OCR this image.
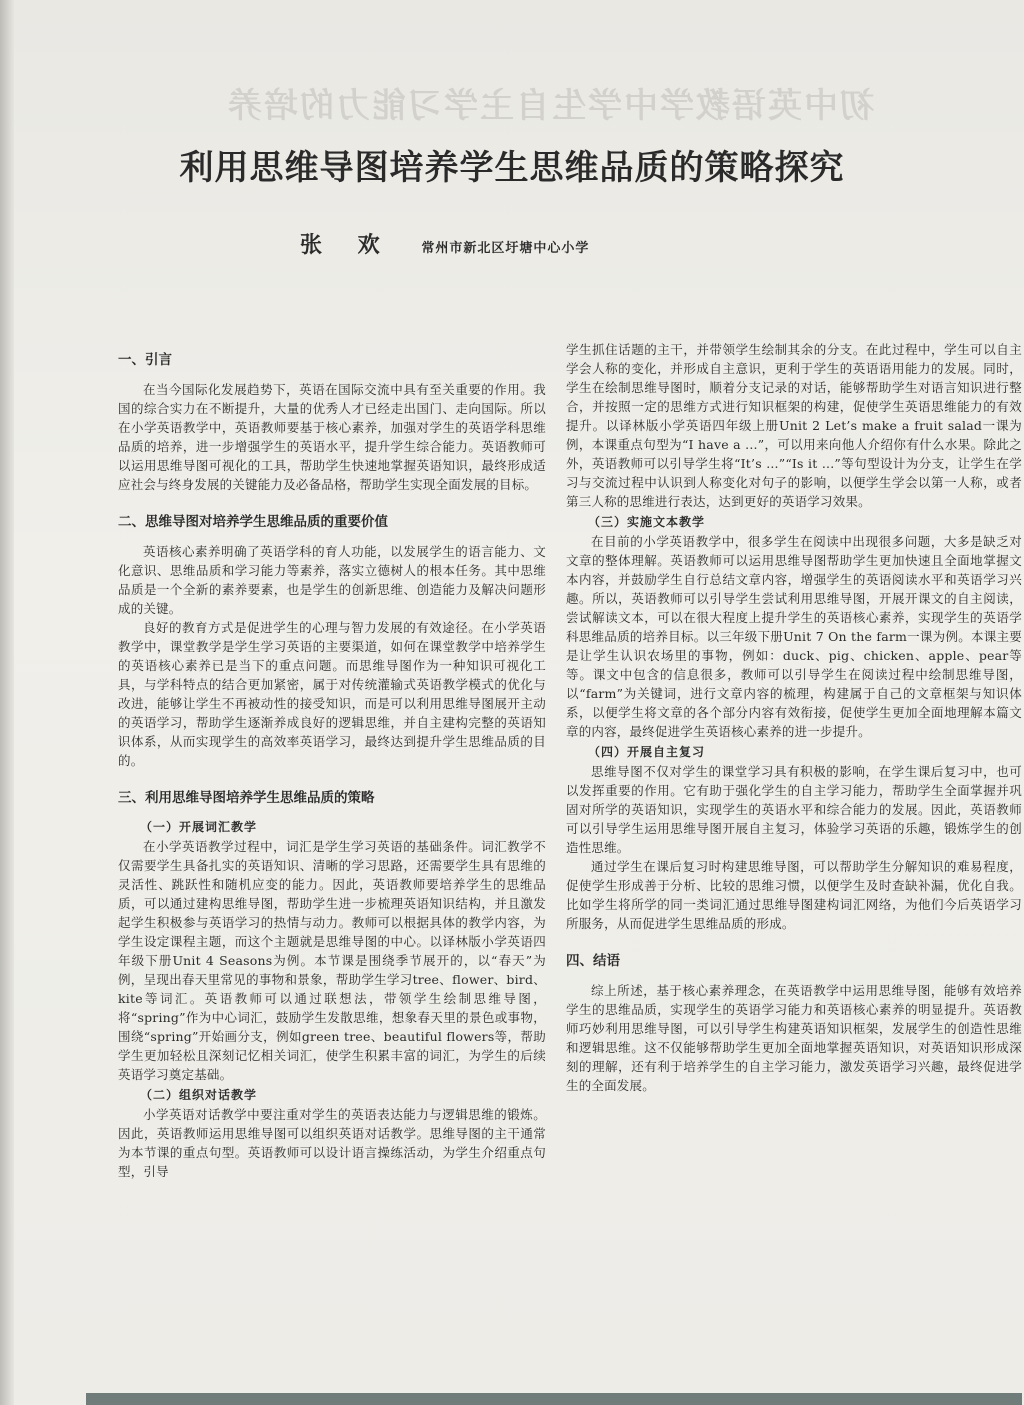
初中英语教学中学生自主学习能力的培养
利用思维导图培养学生思维品质的策略探究
张 欢 常州市新北区圩塘中心小学
一、引言

在当今国际化发展趋势下，英语在国际交流中具有至关重要的作用。我国的综合实力在不断提升，大量的优秀人才已经走出国门、走向国际。所以在小学英语教学中，英语教师要基于核心素养，加强对学生的英语学科思维品质的培养，进一步增强学生的英语水平，提升学生综合能力。英语教师可以运用思维导图可视化的工具，帮助学生快速地掌握英语知识，最终形成适应社会与终身发展的关键能力及必备品格，帮助学生实现全面发展的目标。

二、思维导图对培养学生思维品质的重要价值

英语核心素养明确了英语学科的育人功能，以发展学生的语言能力、文化意识、思维品质和学习能力等素养，落实立德树人的根本任务。其中思维品质是一个全新的素养要素，也是学生的创新思维、创造能力及解决问题形成的关键。

良好的教育方式是促进学生的心理与智力发展的有效途径。在小学英语教学中，课堂教学是学生学习英语的主要渠道，如何在课堂教学中培养学生的英语核心素养已是当下的重点问题。而思维导图作为一种知识可视化工具，与学科特点的结合更加紧密，属于对传统灌输式英语教学模式的优化与改进，能够让学生不再被动性的接受知识，而是可以利用思维导图展开主动的英语学习，帮助学生逐渐养成良好的逻辑思维，并自主建构完整的英语知识体系，从而实现学生的高效率英语学习，最终达到提升学生思维品质的目的。

三、利用思维导图培养学生思维品质的策略
（一）开展词汇教学

在小学英语教学过程中，词汇是学生学习英语的基础条件。词汇教学不仅需要学生具备扎实的英语知识、清晰的学习思路，还需要学生具有思维的灵活性、跳跃性和随机应变的能力。因此，英语教师要培养学生的思维品质，可以通过建构思维导图，帮助学生进一步梳理英语知识结构，并且激发起学生积极参与英语学习的热情与动力。教师可以根据具体的教学内容，为学生设定课程主题，而这个主题就是思维导图的中心。以译林版小学英语四年级下册Unit 4 Seasons为例。本节课是围绕季节展开的，以“春天”为例，呈现出春天里常见的事物和景象，帮助学生学习tree、flower、bird、kite等词汇。英语教师可以通过联想法，带领学生绘制思维导图，将“spring”作为中心词汇，鼓励学生发散思维，想象春天里的景色或事物，围绕“spring”开始画分支，例如green tree、beautiful flowers等，帮助学生更加轻松且深刻记忆相关词汇，使学生积累丰富的词汇，为学生的后续英语学习奠定基础。

（二）组织对话教学

小学英语对话教学中要注重对学生的英语表达能力与逻辑思维的锻炼。因此，英语教师运用思维导图可以组织英语对话教学。思维导图的主干通常为本节课的重点句型。英语教师可以设计语言操练活动，为学生介绍重点句型，引导

学生抓住话题的主干，并带领学生绘制其余的分支。在此过程中，学生可以自主学会人称的变化，并形成自主意识，更利于学生的英语语用能力的发展。同时，学生在绘制思维导图时，顺着分支记录的对话，能够帮助学生对语言知识进行整合，并按照一定的思维方式进行知识框架的构建，促使学生英语思维能力的有效提升。以译林版小学英语四年级上册Unit 2 Let’s make a fruit salad一课为例，本课重点句型为“I have a ...”，可以用来向他人介绍你有什么水果。除此之外，英语教师可以引导学生将“It’s ...”“Is it ...”等句型设计为分支，让学生在学习与交流过程中认识到人称变化对句子的影响，以便学生学会以第一人称，或者第三人称的思维进行表达，达到更好的英语学习效果。

（三）实施文本教学

在目前的小学英语教学中，很多学生在阅读中出现很多问题，大多是缺乏对文章的整体理解。英语教师可以运用思维导图帮助学生更加快速且全面地掌握文本内容，并鼓励学生自行总结文章内容，增强学生的英语阅读水平和英语学习兴趣。所以，英语教师可以引导学生尝试利用思维导图，开展开课文的自主阅读，尝试解读文本，可以在很大程度上提升学生的英语核心素养，实现学生的英语学科思维品质的培养目标。以三年级下册Unit 7 On the farm一课为例。本课主要是让学生认识农场里的事物，例如：duck、pig、chicken、apple、pear等等。课文中包含的信息很多，教师可以引导学生在阅读过程中绘制思维导图，以“farm”为关键词，进行文章内容的梳理，构建属于自己的文章框架与知识体系，以便学生将文章的各个部分内容有效衔接，促使学生更加全面地理解本篇文章的内容，最终促进学生英语核心素养的进一步提升。

（四）开展自主复习

思维导图不仅对学生的课堂学习具有积极的影响，在学生课后复习中，也可以发挥重要的作用。它有助于强化学生的自主学习能力，帮助学生全面掌握并巩固对所学的英语知识，实现学生的英语水平和综合能力的发展。因此，英语教师可以引导学生运用思维导图开展自主复习，体验学习英语的乐趣，锻炼学生的创造性思维。

通过学生在课后复习时构建思维导图，可以帮助学生分解知识的难易程度，促使学生形成善于分析、比较的思维习惯，以便学生及时查缺补漏，优化自我。比如学生将所学的同一类词汇通过思维导图建构词汇网络，为他们今后英语学习所服务，从而促进学生思维品质的形成。

四、结语

综上所述，基于核心素养理念，在英语教学中运用思维导图，能够有效培养学生的思维品质，实现学生的英语学习能力和英语核心素养的明显提升。英语教师巧妙利用思维导图，可以引导学生构建英语知识框架，发展学生的创造性思维和逻辑思维。这不仅能够帮助学生更加全面地掌握英语知识，对英语知识形成深刻的理解，还有利于培养学生的自主学习能力，激发英语学习兴趣，最终促进学生的全面发展。
